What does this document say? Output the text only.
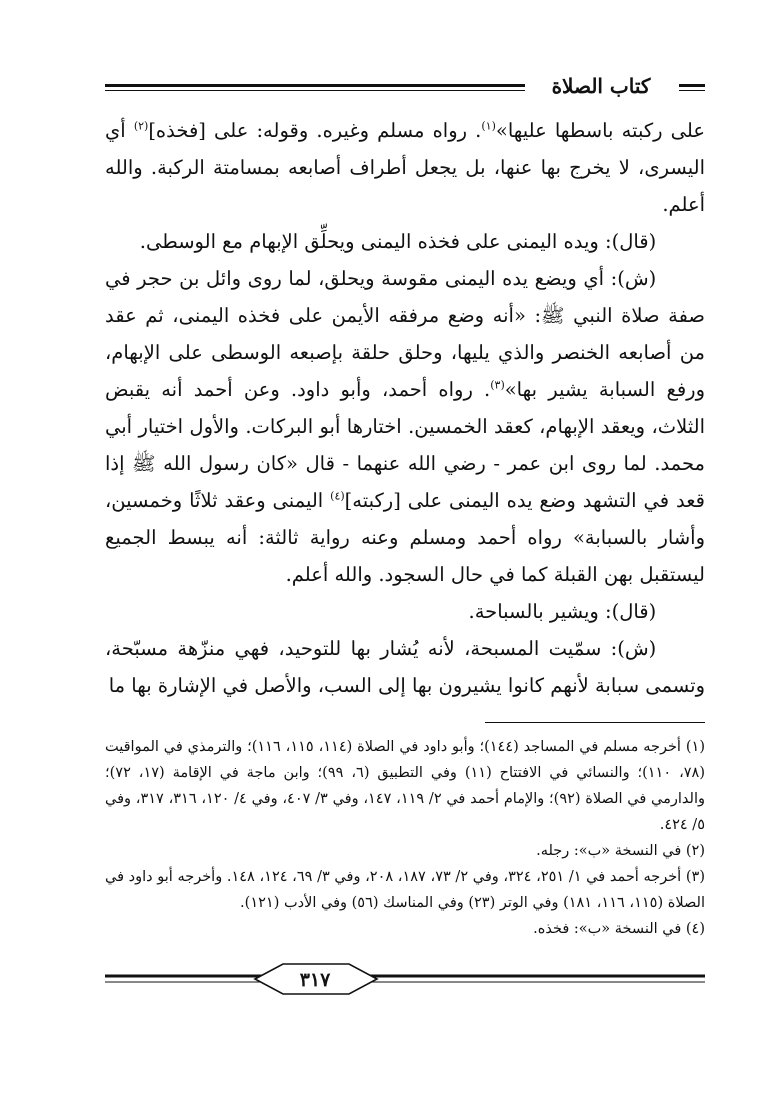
كتاب الصلاة

على ركبته باسطها عليها»$^{(١)}$. رواه مسلم وغيره. وقوله: على [فخذه]$^{(٢)}$ أي اليسرى، لا يخرج بها عنها، بل يجعل أطراف أصابعه بمسامتة الركبة. والله أعلم.

(قال): ويده اليمنى على فخذه اليمنى ويحلِّق الإبهام مع الوسطى.

(ش): أي ويضع يده اليمنى مقوسة ويحلق، لما روى وائل بن حجر في صفة صلاة النبي ﷺ: «أنه وضع مرفقه الأيمن على فخذه اليمنى، ثم عقد من أصابعه الخنصر والذي يليها، وحلق حلقة بإصبعه الوسطى على الإبهام، ورفع السبابة يشير بها»$^{(٣)}$. رواه أحمد، وأبو داود. وعن أحمد أنه يقبض الثلاث، ويعقد الإبهام، كعقد الخمسين. اختارها أبو البركات. والأول اختيار أبي محمد. لما روى ابن عمر - رضي الله عنهما - قال «كان رسول الله ﷺ إذا قعد في التشهد وضع يده اليمنى على [ركبته]$^{(٤)}$ اليمنى وعقد ثلاثًا وخمسين، وأشار بالسبابة» رواه أحمد ومسلم وعنه رواية ثالثة: أنه يبسط الجميع ليستقبل بهن القبلة كما في حال السجود. والله أعلم.

(قال): ويشير بالسباحة.

(ش): سمّيت المسبحة، لأنه يُشار بها للتوحيد، فهي منزّهة مسبّحة، وتسمى سبابة لأنهم كانوا يشيرون بها إلى السب، والأصل في الإشارة بها ما

(١) أخرجه مسلم في المساجد (١٤٤)؛ وأبو داود في الصلاة (١١٤، ١١٥، ١١٦)؛ والترمذي في المواقيت (٧٨، ١١٠)؛ والنسائي في الافتتاح (١١) وفي التطبيق (٦، ٩٩)؛ وابن ماجة في الإقامة (١٧، ٧٢)؛ والدارمي في الصلاة (٩٢)؛ والإمام أحمد في ٢/ ١١٩، ١٤٧، وفي ٣/ ٤٠٧، وفي ٤/ ١٢٠، ٣١٦، ٣١٧، وفي ٥/ ٤٢٤.

(٢) في النسخة «ب»: رجله.

(٣) أخرجه أحمد في ١/ ٢٥١، ٣٢٤، وفي ٢/ ٧٣، ١٨٧، ٢٠٨، وفي ٣/ ٦٩، ١٢٤، ١٤٨. وأخرجه أبو داود في الصلاة (١١٥، ١١٦، ١٨١) وفي الوتر (٢٣) وفي المناسك (٥٦) وفي الأدب (١٢١).

(٤) في النسخة «ب»: فخذه.

٣١٧
